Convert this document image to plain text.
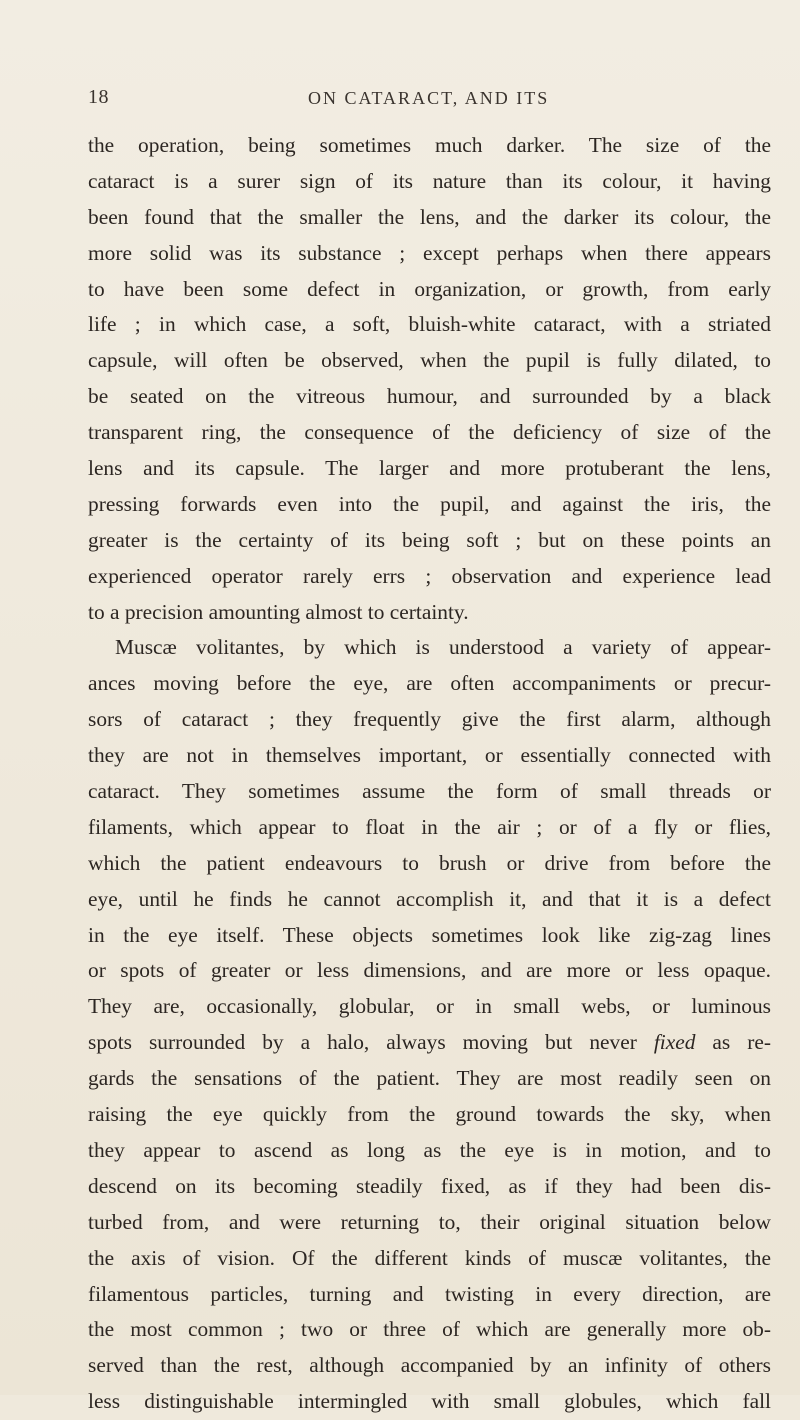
18	ON CATARACT, AND ITS
the operation, being sometimes much darker. The size of the
cataract is a surer sign of its nature than its colour, it having
been found that the smaller the lens, and the darker its colour, the
more solid was its substance ; except perhaps when there appears
to have been some defect in organization, or growth, from early
life ; in which case, a soft, bluish-white cataract, with a striated
capsule, will often be observed, when the pupil is fully dilated, to
be seated on the vitreous humour, and surrounded by a black
transparent ring, the consequence of the deficiency of size of the
lens and its capsule. The larger and more protuberant the lens,
pressing forwards even into the pupil, and against the iris, the
greater is the certainty of its being soft ; but on these points an
experienced operator rarely errs ; observation and experience lead
to a precision amounting almost to certainty.
Muscæ volitantes, by which is understood a variety of appear-
ances moving before the eye, are often accompaniments or precur-
sors of cataract ; they frequently give the first alarm, although
they are not in themselves important, or essentially connected with
cataract. They sometimes assume the form of small threads or
filaments, which appear to float in the air ; or of a fly or flies,
which the patient endeavours to brush or drive from before the
eye, until he finds he cannot accomplish it, and that it is a defect
in the eye itself. These objects sometimes look like zig-zag lines
or spots of greater or less dimensions, and are more or less opaque.
They are, occasionally, globular, or in small webs, or luminous
spots surrounded by a halo, always moving but never fixed as re-
gards the sensations of the patient. They are most readily seen on
raising the eye quickly from the ground towards the sky, when
they appear to ascend as long as the eye is in motion, and to
descend on its becoming steadily fixed, as if they had been dis-
turbed from, and were returning to, their original situation below
the axis of vision. Of the different kinds of muscæ volitantes, the
filamentous particles, turning and twisting in every direction, are
the most common ; two or three of which are generally more ob-
served than the rest, although accompanied by an infinity of others
less distinguishable intermingled with small globules, which fall
